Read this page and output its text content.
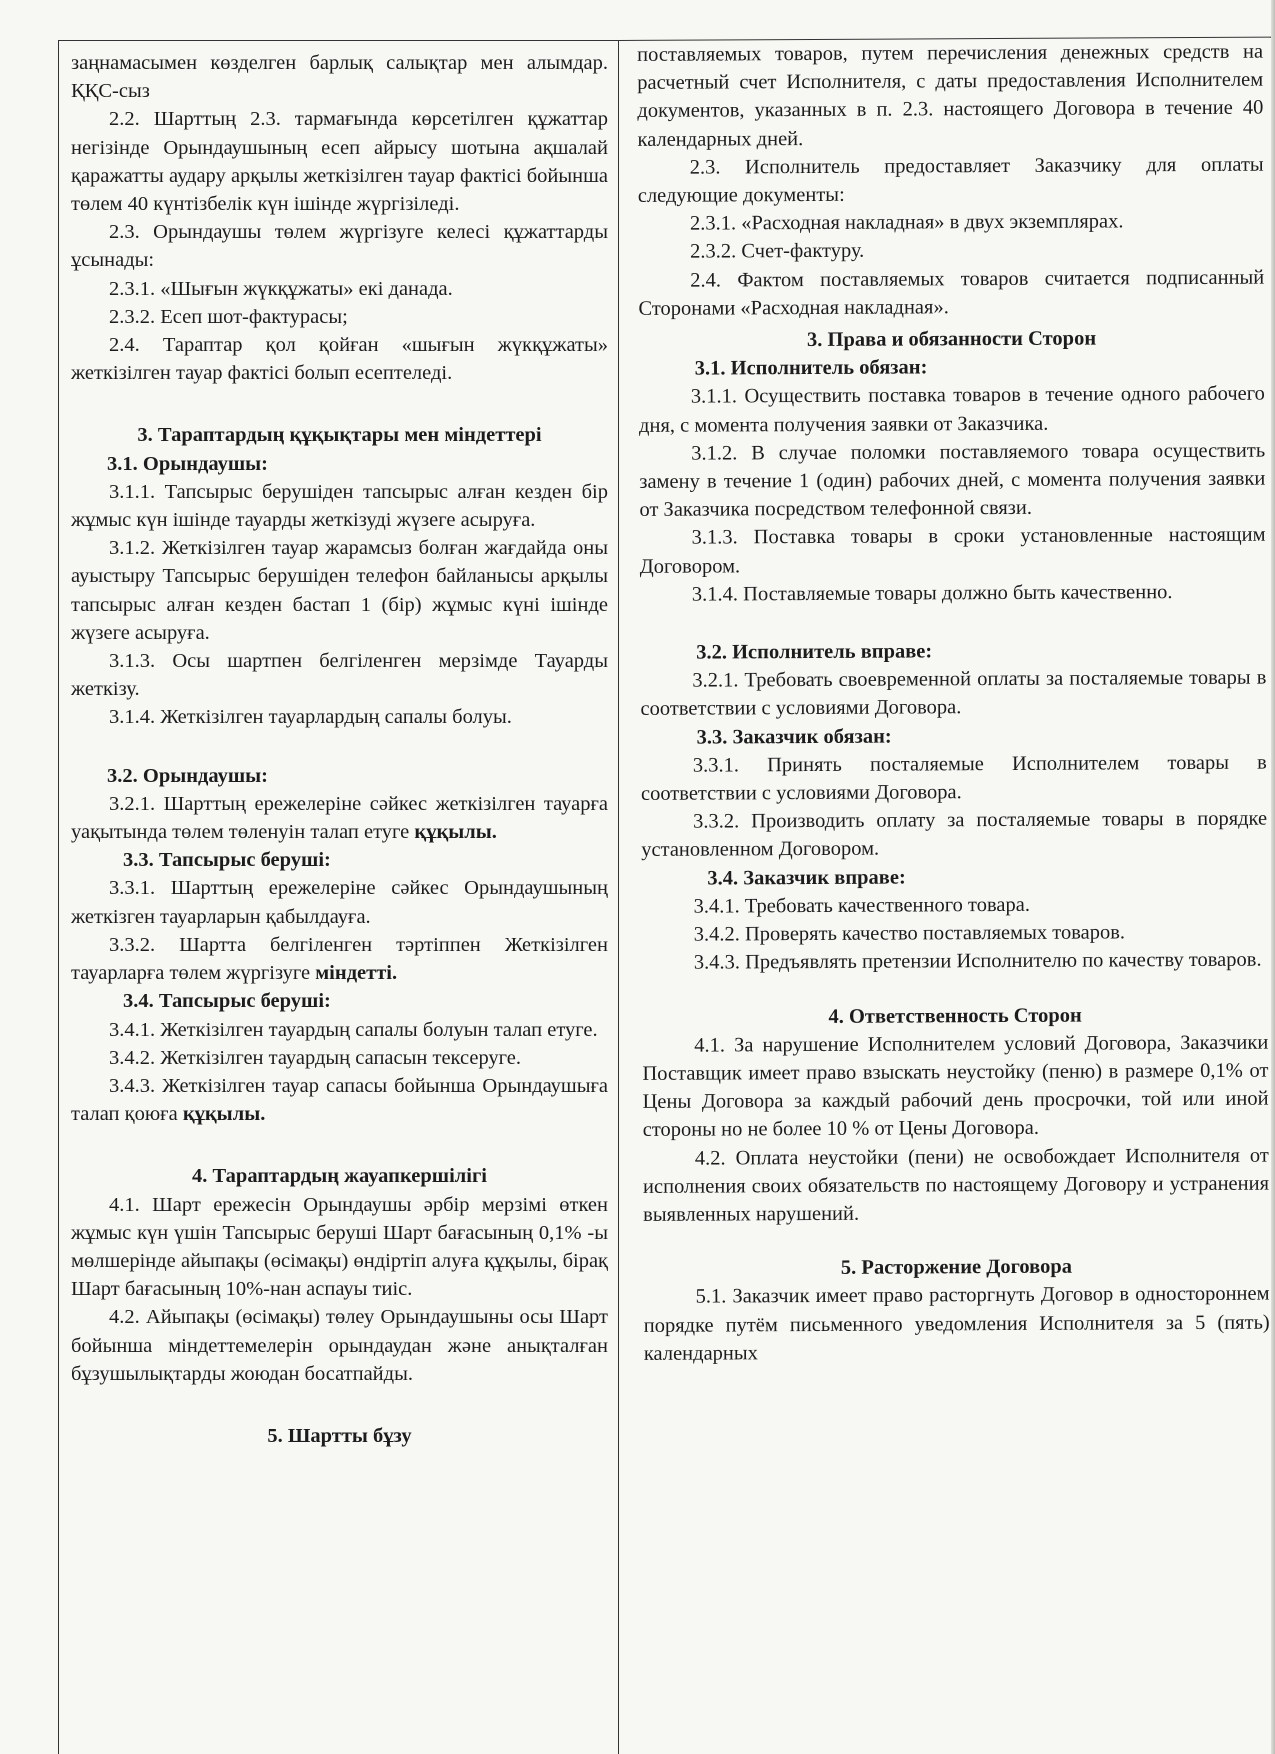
заңнамасымен көзделген барлық салықтар мен алымдар. ҚҚС-сыз

2.2. Шарттың 2.3. тармағында көрсетілген құжаттар негізінде Орындаушының есеп айрысу шотына ақшалай қаражатты аудару арқылы жеткізілген тауар фактісі бойынша төлем 40 күнтізбелік күн ішінде жүргізіледі.

2.3. Орындаушы төлем жүргізуге келесі құжаттарды ұсынады:

2.3.1. «Шығын жүкқұжаты» екі данада.

2.3.2. Есеп шот-фактурасы;

2.4. Тараптар қол қойған «шығын жүкқұжаты» жеткізілген тауар фактісі болып есептеледі.

3. Тараптардың құқықтары мен міндеттері

3.1. Орындаушы:

3.1.1. Тапсырыс берушіден тапсырыс алған кезден бір жұмыс күн ішінде тауарды жеткізуді жүзеге асыруға.

3.1.2. Жеткізілген тауар жарамсыз болған жағдайда оны ауыстыру Тапсырыс берушіден телефон байланысы арқылы тапсырыс алған кезден бастап 1 (бір) жұмыс күні ішінде жүзеге асыруға.

3.1.3. Осы шартпен белгіленген мерзімде Тауарды жеткізу.

3.1.4. Жеткізілген тауарлардың сапалы болуы.

3.2. Орындаушы:

3.2.1. Шарттың ережелеріне сәйкес жеткізілген тауарға уақытында төлем төленуін талап етуге құқылы.

3.3. Тапсырыс беруші:

3.3.1. Шарттың ережелеріне сәйкес Орындаушының жеткізген тауарларын қабылдауға.

3.3.2. Шартта белгіленген тәртіппен Жеткізілген тауарларға төлем жүргізуге міндетті.

3.4. Тапсырыс беруші:

3.4.1. Жеткізілген тауардың сапалы болуын талап етуге.

3.4.2. Жеткізілген тауардың сапасын тексеруге.

3.4.3. Жеткізілген тауар сапасы бойынша Орындаушыға талап қоюға құқылы.

4. Тараптардың жауапкершілігі

4.1. Шарт ережесін Орындаушы әрбір мерзімі өткен жұмыс күн үшін Тапсырыс беруші Шарт бағасының 0,1% -ы мөлшерінде айыпақы (өсімақы) өндіртіп алуға құқылы, бірақ Шарт бағасының 10%-нан аспауы тиіс.

4.2. Айыпақы (өсімақы) төлеу Орындаушыны осы Шарт бойынша міндеттемелерін орындаудан және анықталған бұзушылықтарды жоюдан босатпайды.

5. Шартты бұзу

поставляемых товаров, путем перечисления денежных средств на расчетный счет Исполнителя, с даты предоставления Исполнителем документов, указанных в п. 2.3. настоящего Договора в течение 40 календарных дней.

2.3. Исполнитель предоставляет Заказчику для оплаты следующие документы:

2.3.1. «Расходная накладная» в двух экземплярах.

2.3.2. Счет-фактуру.

2.4. Фактом поставляемых товаров считается подписанный Сторонами «Расходная накладная».

3. Права и обязанности Сторон

3.1. Исполнитель обязан:

3.1.1. Осуществить поставка товаров в течение одного рабочего дня, с момента получения заявки от Заказчика.

3.1.2. В случае поломки поставляемого товара осуществить замену в течение 1 (один) рабочих дней, с момента получения заявки от Заказчика посредством телефонной связи.

3.1.3. Поставка товары в сроки установленные настоящим Договором.

3.1.4. Поставляемые товары должно быть качественно.

3.2. Исполнитель вправе:

3.2.1. Требовать своевременной оплаты за посталяемые товары в соответствии с условиями Договора.

3.3. Заказчик обязан:

3.3.1. Принять посталяемые Исполнителем товары в соответствии с условиями Договора.

3.3.2. Производить оплату за посталяемые товары в порядке установленном Договором.

3.4. Заказчик вправе:

3.4.1. Требовать качественного товара.

3.4.2. Проверять качество поставляемых товаров.

3.4.3. Предъявлять претензии Исполнителю по качеству товаров.

4. Ответственность Сторон

4.1. За нарушение Исполнителем условий Договора, Заказчики Поставщик имеет право взыскать неустойку (пеню) в размере 0,1% от Цены Договора за каждый рабочий день просрочки, той или иной стороны но не более 10 % от Цены Договора.

4.2. Оплата неустойки (пени) не освобождает Исполнителя от исполнения своих обязательств по настоящему Договору и устранения выявленных нарушений.

5. Расторжение Договора

5.1. Заказчик имеет право расторгнуть Договор в одностороннем порядке путём письменного уведомления Исполнителя за 5 (пять) календарных
